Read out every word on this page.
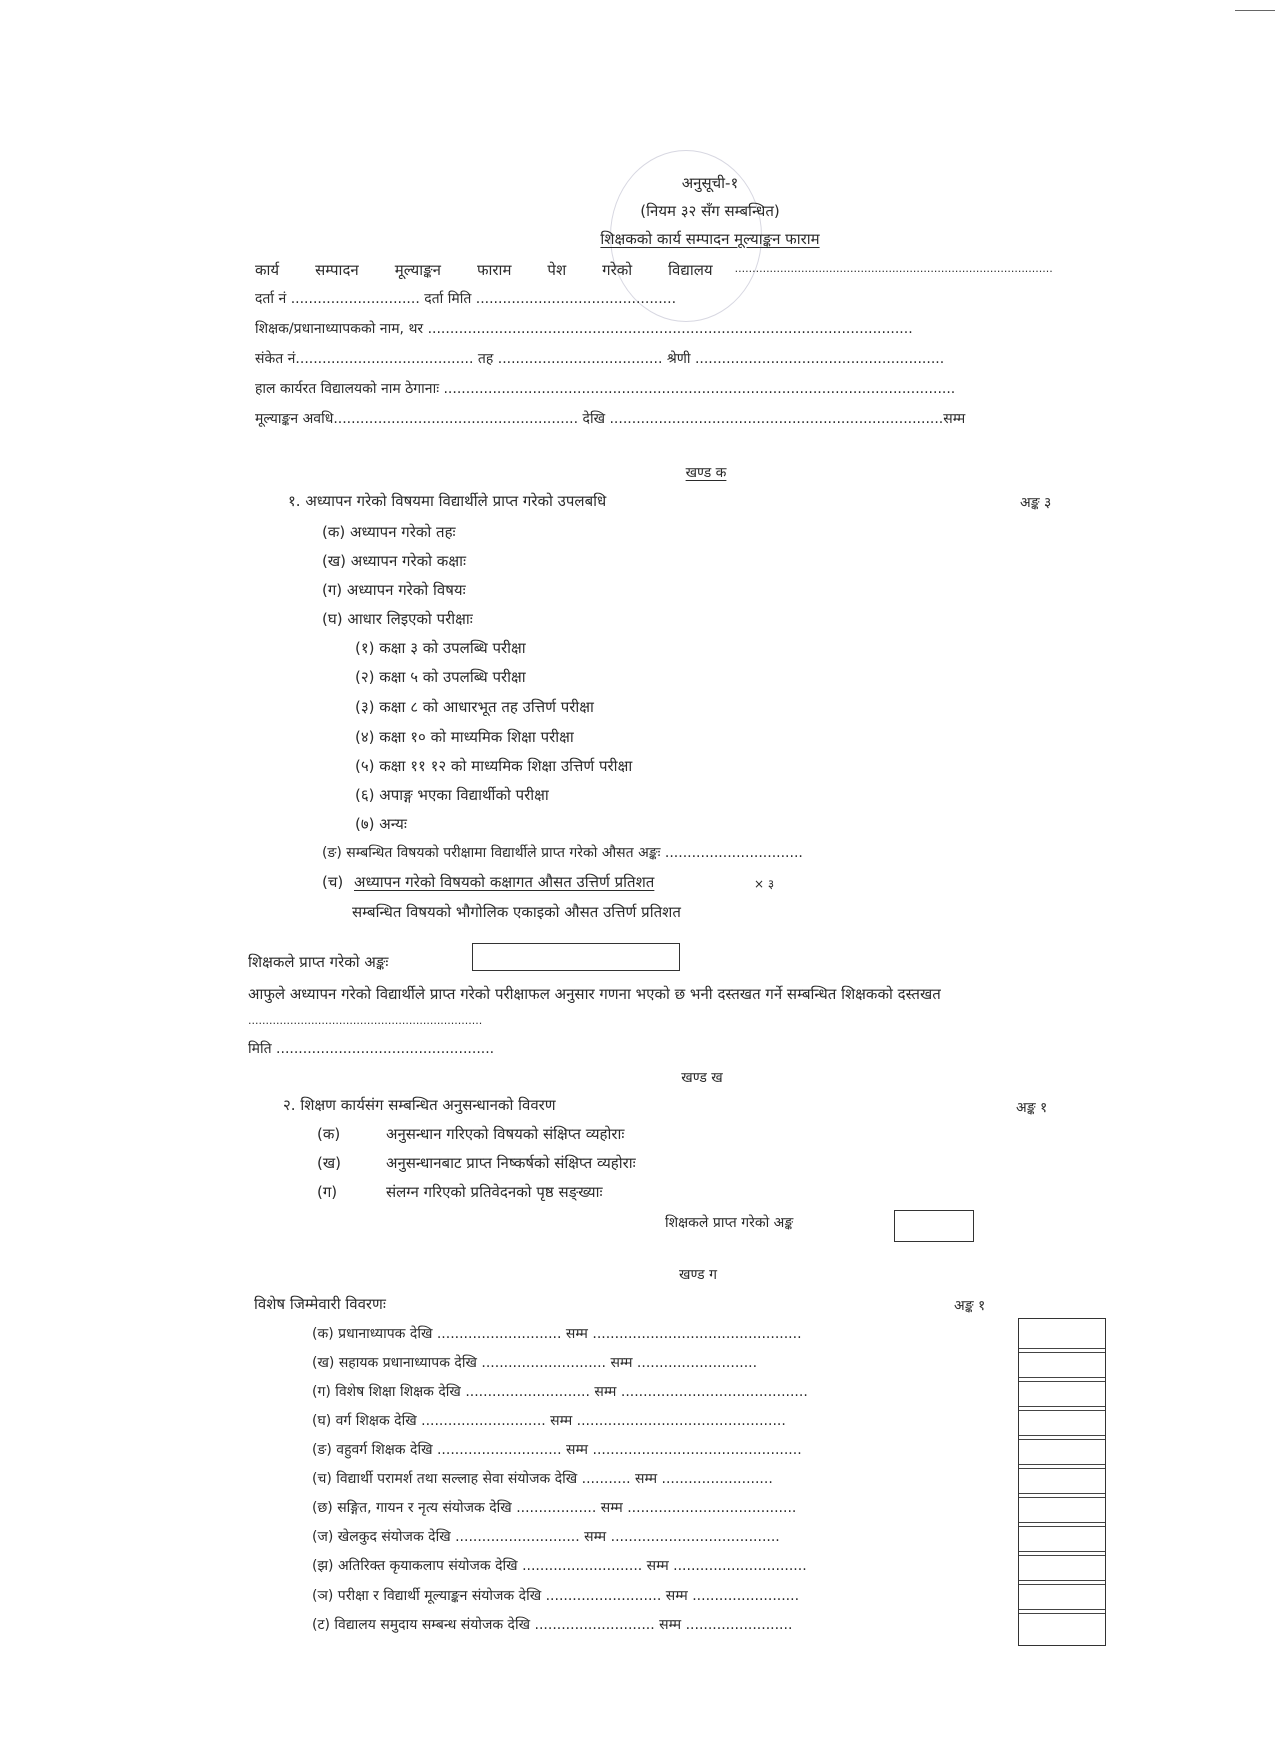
अनुसूची-१
(नियम ३२ सँग सम्बन्धित)
शिक्षकको कार्य सम्पादन मूल्याङ्कन फाराम
कार्य सम्पादन मूल्याङ्कन फाराम पेश गरेको विद्यालय ...........................................................................................
दर्ता नं ............................. दर्ता मिति .............................................
शिक्षक/प्रधानाध्यापकको नाम, थर .............................................................................................................
संकेत नं........................................ तह ..................................... श्रेणी ........................................................
हाल कार्यरत विद्यालयको नाम ठेगानाः ...................................................................................................................
मूल्याङ्कन अवधि....................................................... देखि ...........................................................................सम्म
खण्ड क
१. अध्यापन गरेको विषयमा विद्यार्थीले प्राप्त गरेको उपलबधि	अङ्क ३
(क) अध्यापन गरेको तहः
(ख) अध्यापन गरेको कक्षाः
(ग) अध्यापन गरेको विषयः
(घ) आधार लिइएको परीक्षाः
(१) कक्षा ३ को उपलब्धि परीक्षा
(२) कक्षा ५ को उपलब्धि परीक्षा
(३) कक्षा ८ को आधारभूत तह उत्तिर्ण परीक्षा
(४) कक्षा १० को माध्यमिक शिक्षा परीक्षा
(५) कक्षा ११ १२ को माध्यमिक शिक्षा उत्तिर्ण परीक्षा
(६) अपाङ्ग भएका विद्यार्थीको परीक्षा
(७) अन्यः
(ङ) सम्बन्धित विषयको परीक्षामा विद्यार्थीले प्राप्त गरेको औसत अङ्कः ...............................
(च) अध्यापन गरेको विषयको कक्षागत औसत उत्तिर्ण प्रतिशत	× ३
सम्बन्धित विषयको भौगोलिक एकाइको औसत उत्तिर्ण प्रतिशत
शिक्षकले प्राप्त गरेको अङ्कः
आफुले अध्यापन गरेको विद्यार्थीले प्राप्त गरेको परीक्षाफल अनुसार गणना भएको छ भनी दस्तखत गर्ने सम्बन्धित शिक्षकको दस्तखत
...................................................................
मिति .................................................
खण्ड ख
२. शिक्षण कार्यसंग सम्बन्धित अनुसन्धानको विवरण	अङ्क १
(क)	अनुसन्धान गरिएको विषयको संक्षिप्त व्यहोराः
(ख)	अनुसन्धानबाट प्राप्त निष्कर्षको संक्षिप्त व्यहोराः
(ग)	संलग्न गरिएको प्रतिवेदनको पृष्ठ सङ्ख्याः
शिक्षकले प्राप्त गरेको अङ्क
खण्ड ग
विशेष जिम्मेवारी विवरणः	अङ्क १
(क) प्रधानाध्यापक देखि ............................ सम्म ...............................................
(ख) सहायक प्रधानाध्यापक देखि ............................ सम्म ...........................
(ग) विशेष शिक्षा शिक्षक देखि ............................ सम्म ..........................................
(घ) वर्ग शिक्षक देखि ............................ सम्म ...............................................
(ङ) वहुवर्ग शिक्षक देखि ............................ सम्म ...............................................
(च) विद्यार्थी परामर्श तथा सल्लाह सेवा संयोजक देखि ........... सम्म .........................
(छ) सङ्गित, गायन र नृत्य संयोजक देखि .................. सम्म ......................................
(ज) खेलकुद संयोजक देखि ............................ सम्म ......................................
(झ) अतिरिक्त कृयाकलाप संयोजक देखि ........................... सम्म ..............................
(ञ) परीक्षा र विद्यार्थी मूल्याङ्कन संयोजक देखि .......................... सम्म ........................
(ट) विद्यालय समुदाय सम्बन्ध संयोजक देखि ........................... सम्म ........................
